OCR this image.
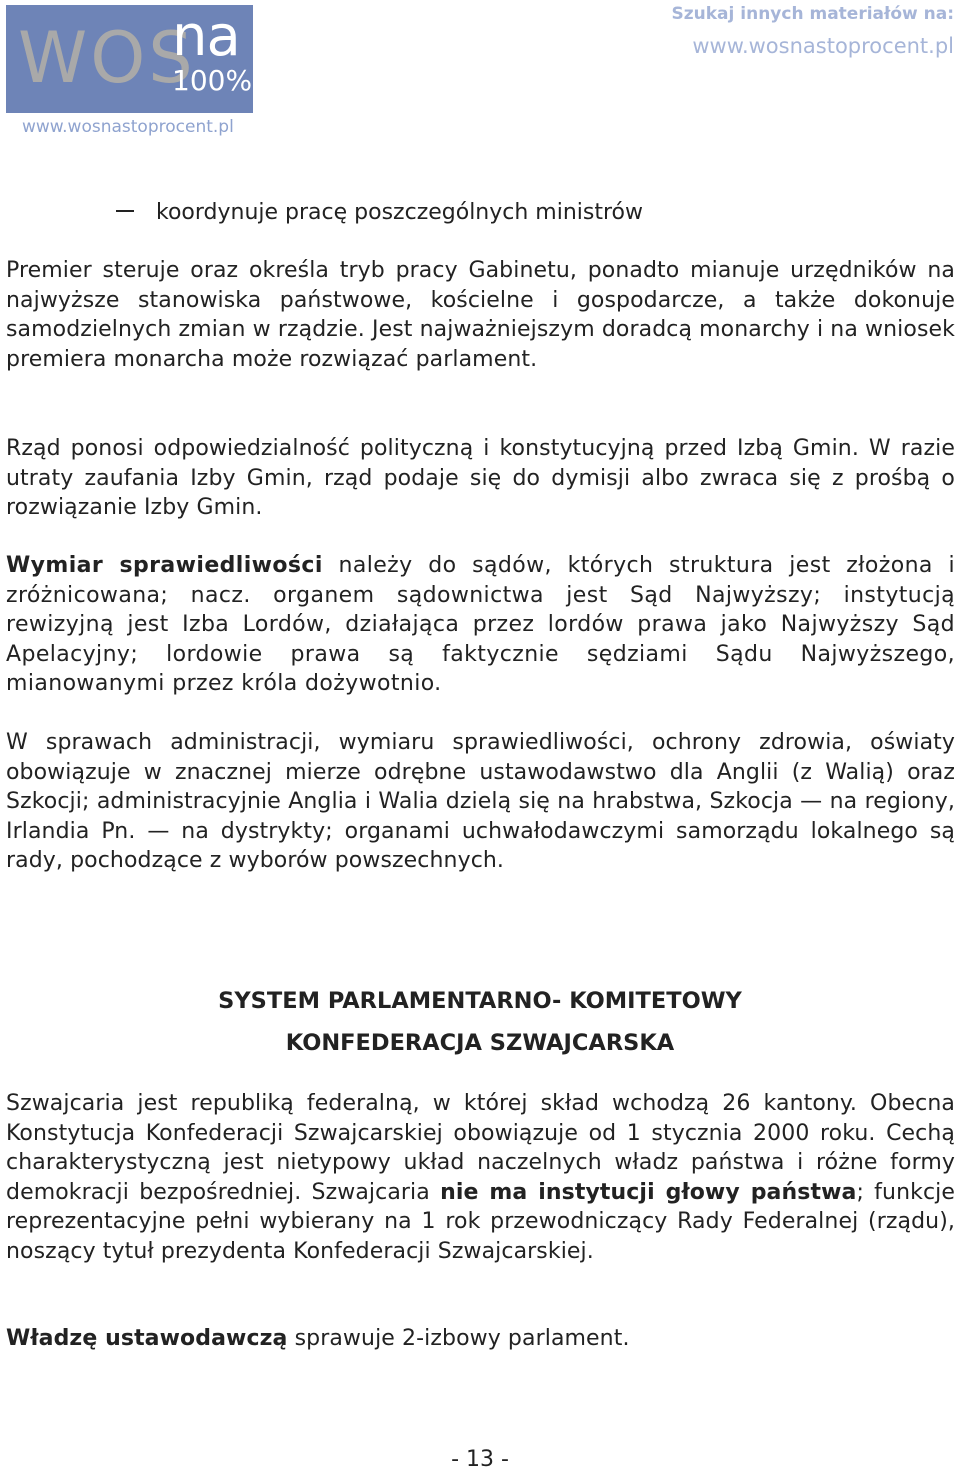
WOS
na
100%
www.wosnastoprocent.pl
Szukaj innych materiałów na:
www.wosnastoprocent.pl
koordynuje pracę poszczególnych ministrów

Premier steruje oraz określa tryb pracy Gabinetu, ponadto mianuje urzędników na najwyższe stanowiska państwowe, kościelne i gospodarcze, a także dokonuje samodzielnych zmian w rządzie. Jest najważniejszym doradcą monarchy i na wniosek premiera monarcha może rozwiązać parlament.

Rząd ponosi odpowiedzialność polityczną i konstytucyjną przed Izbą Gmin. W razie utraty zaufania Izby Gmin, rząd podaje się do dymisji albo zwraca się z prośbą o rozwiązanie Izby Gmin.

Wymiar sprawiedliwości należy do sądów, których struktura jest złożona i zróżnicowana; nacz. organem sądownictwa jest Sąd Najwyższy; instytucją rewizyjną jest Izba Lordów, działająca przez lordów prawa jako Najwyższy Sąd Apelacyjny; lordowie prawa są faktycznie sędziami Sądu Najwyższego, mianowanymi przez króla dożywotnio.

W sprawach administracji, wymiaru sprawiedliwości, ochrony zdrowia, oświaty obowiązuje w znacznej mierze odrębne ustawodawstwo dla Anglii (z Walią) oraz Szkocji; administracyjnie Anglia i Walia dzielą się na hrabstwa, Szkocja — na regiony, Irlandia Pn. — na dystrykty; organami uchwałodawczymi samorządu lokalnego są rady, pochodzące z wyborów powszechnych.

SYSTEM PARLAMENTARNO- KOMITETOWY
KONFEDERACJA SZWAJCARSKA

Szwajcaria jest republiką federalną, w której skład wchodzą 26 kantony. Obecna Konstytucja Konfederacji Szwajcarskiej obowiązuje od 1 stycznia 2000 roku. Cechą charakterystyczną jest nietypowy układ naczelnych władz państwa i różne formy demokracji bezpośredniej. Szwajcaria nie ma instytucji głowy państwa; funkcje reprezentacyjne pełni wybierany na 1 rok przewodniczący Rady Federalnej (rządu), noszący tytuł prezydenta Konfederacji Szwajcarskiej.

Władzę ustawodawczą sprawuje 2-izbowy parlament.

- 13 -
